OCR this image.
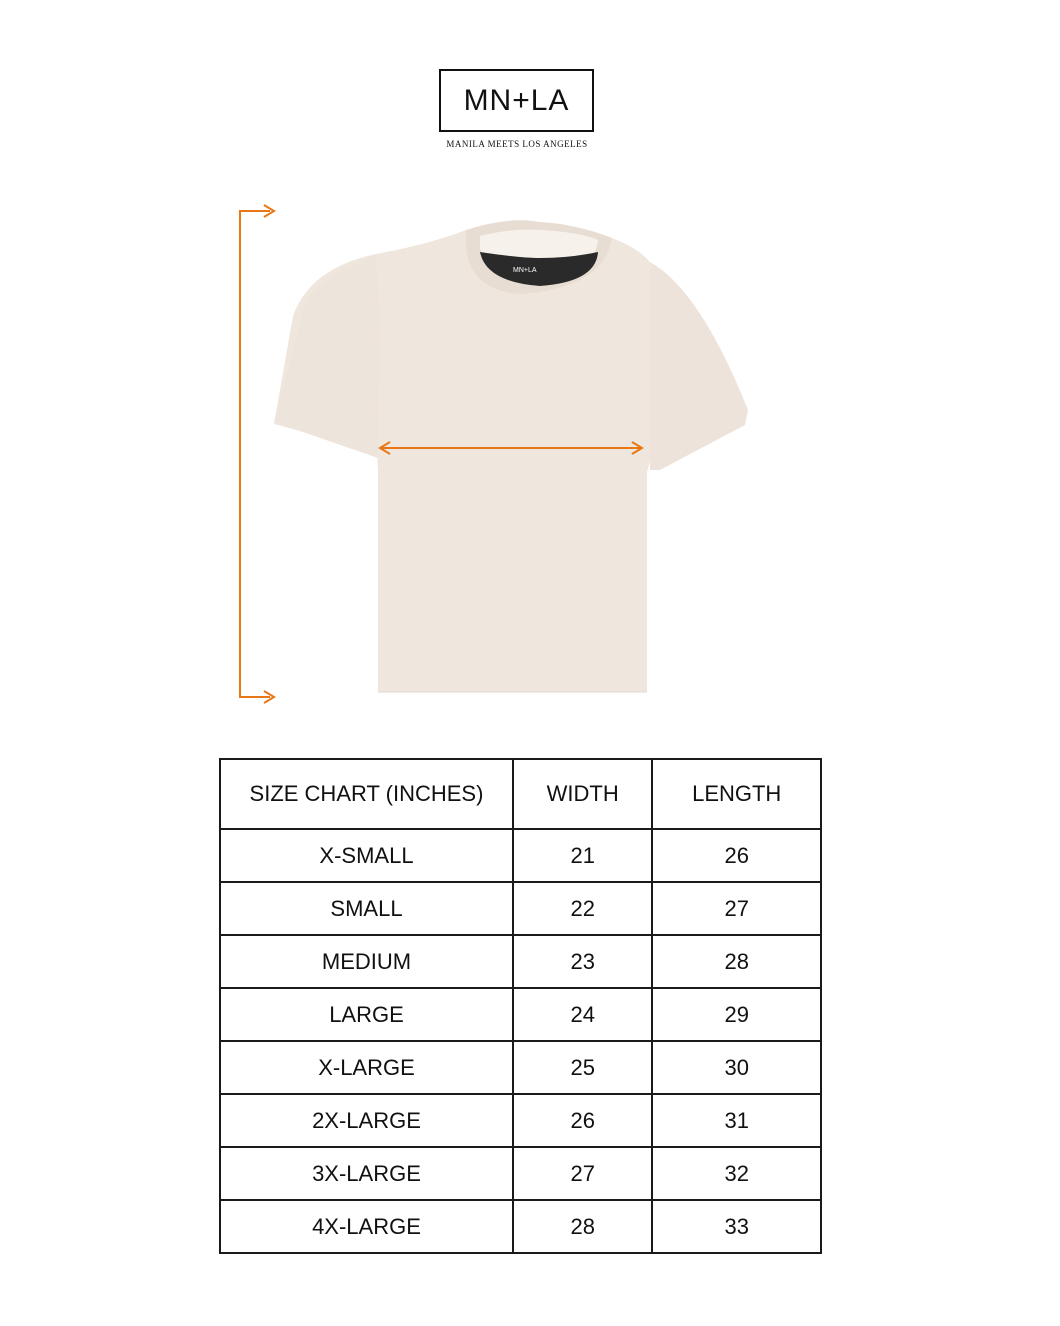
MN+LA
MANILA MEETS LOS ANGELES
MN+LA
SIZE CHART (INCHES)	WIDTH	LENGTH
X-SMALL	21	26
SMALL	22	27
MEDIUM	23	28
LARGE	24	29
X-LARGE	25	30
2X-LARGE	26	31
3X-LARGE	27	32
4X-LARGE	28	33
